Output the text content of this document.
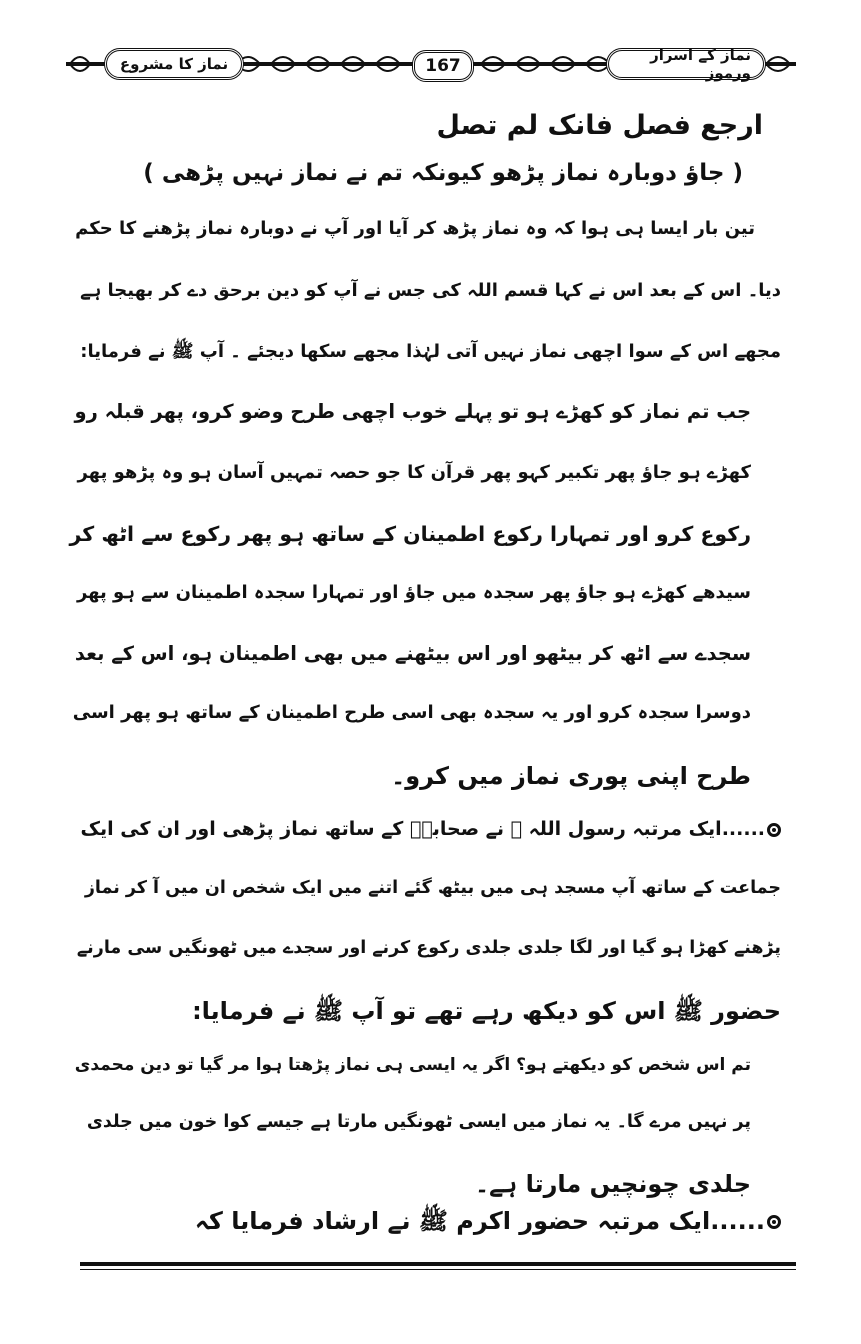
نماز کا مشروع	167
نماز کے اسرار ورموز
ارجع فصل فانک لم تصل
( جاؤ دوبارہ نماز پڑھو کیونکہ تم نے نماز نہیں پڑھی )
تین بار ایسا ہی ہوا کہ وہ نماز پڑھ کر آیا اور آپ نے دوبارہ نماز پڑھنے کا حکم
دیا۔ اس کے بعد اس نے کہا قسم اللہ کی جس نے آپ کو دین برحق دے کر بھیجا ہے
مجھے اس کے سوا اچھی نماز نہیں آتی لہٰذا مجھے سکھا دیجئے ۔ آپ ﷺ نے فرمایا:
جب تم نماز کو کھڑے ہو تو پہلے خوب اچھی طرح وضو کرو، پھر قبلہ رو
کھڑے ہو جاؤ پھر تکبیر کہو پھر قرآن کا جو حصہ تمہیں آسان ہو وہ پڑھو پھر
رکوع کرو اور تمہارا رکوع اطمینان کے ساتھ ہو پھر رکوع سے اٹھ کر
سیدھے کھڑے ہو جاؤ پھر سجدہ میں جاؤ اور تمہارا سجدہ اطمینان سے ہو پھر
سجدے سے اٹھ کر بیٹھو اور اس بیٹھنے میں بھی اطمینان ہو، اس کے بعد
دوسرا سجدہ کرو اور یہ سجدہ بھی اسی طرح اطمینان کے ساتھ ہو پھر اسی
طرح اپنی پوری نماز میں کرو۔
......ایک مرتبہ رسول اللہ ﷺ نے صحابہؓ کے ساتھ نماز پڑھی اور ان کی ایک
جماعت کے ساتھ آپ مسجد ہی میں بیٹھ گئے اتنے میں ایک شخص ان میں آ کر نماز
پڑھنے کھڑا ہو گیا اور لگا جلدی جلدی رکوع کرنے اور سجدے میں ٹھونگیں سی مارنے
حضور ﷺ اس کو دیکھ رہے تھے تو آپ ﷺ نے فرمایا:
تم اس شخص کو دیکھتے ہو؟ اگر یہ ایسی ہی نماز پڑھتا ہوا مر گیا تو دین محمدی
پر نہیں مرے گا۔ یہ نماز میں ایسی ٹھونگیں مارتا ہے جیسے کوا خون میں جلدی
جلدی چونچیں مارتا ہے۔
......ایک مرتبہ حضور اکرم ﷺ نے ارشاد فرمایا کہ
